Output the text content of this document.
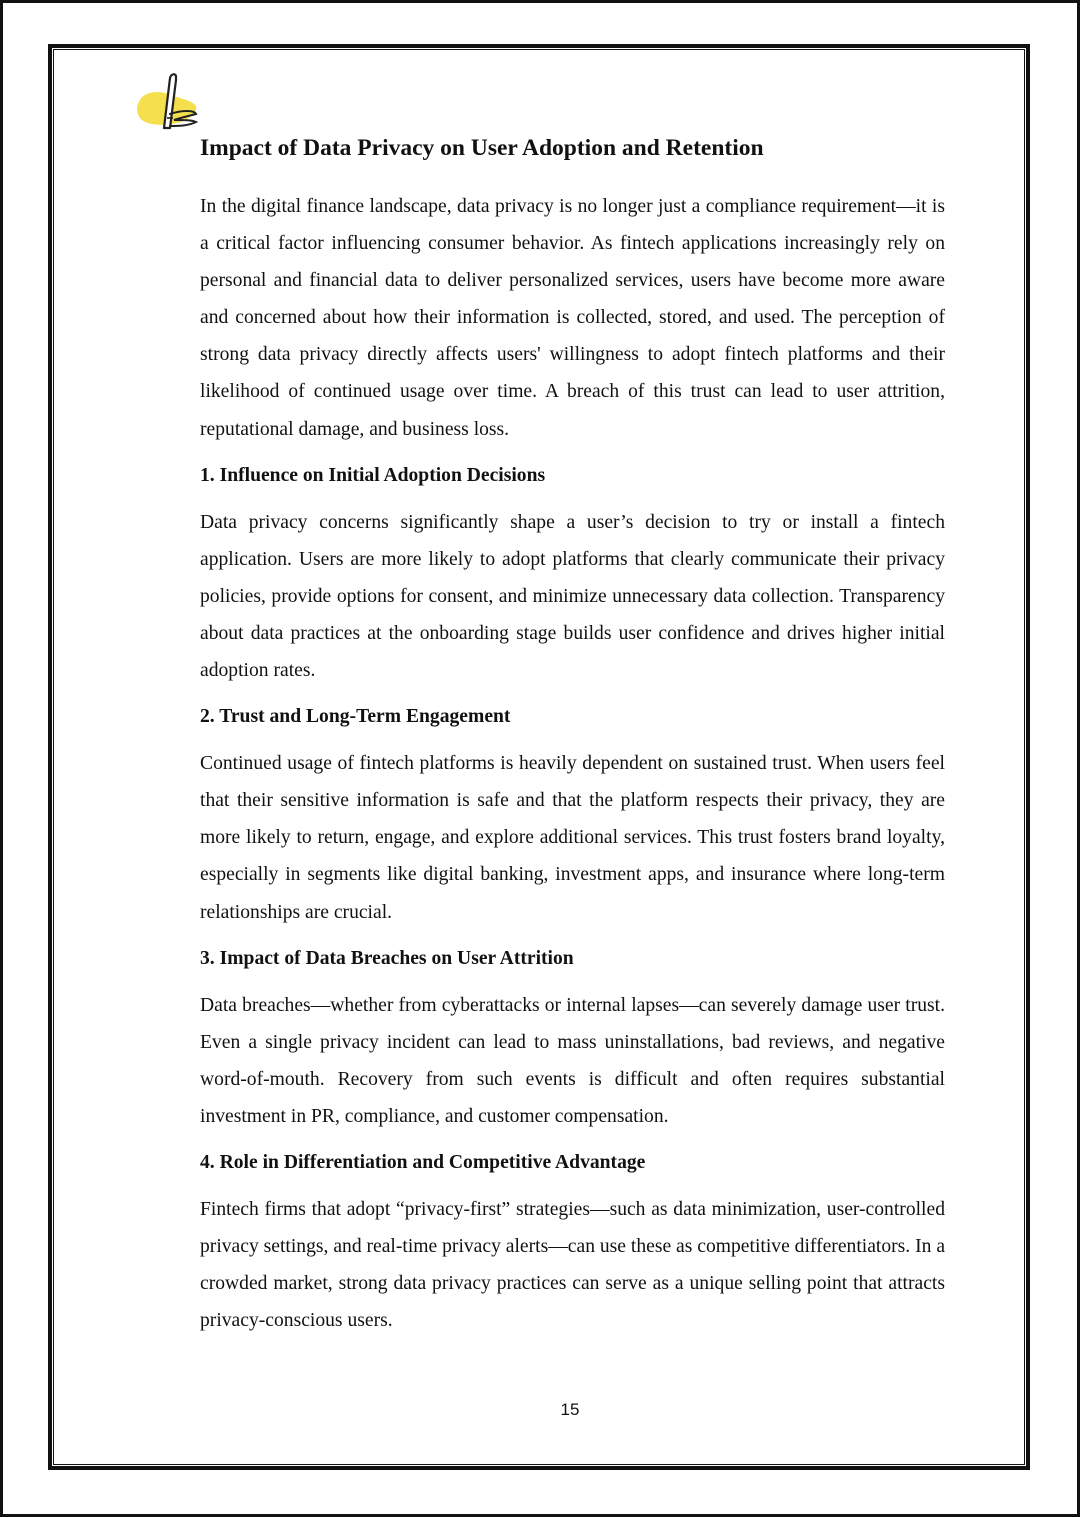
Impact of Data Privacy on User Adoption and Retention

In the digital finance landscape, data privacy is no longer just a compliance requirement—it is a critical factor influencing consumer behavior. As fintech applications increasingly rely on personal and financial data to deliver personalized services, users have become more aware and concerned about how their information is collected, stored, and used. The perception of strong data privacy directly affects users' willingness to adopt fintech platforms and their likelihood of continued usage over time. A breach of this trust can lead to user attrition, reputational damage, and business loss.

1. Influence on Initial Adoption Decisions

Data privacy concerns significantly shape a user’s decision to try or install a fintech application. Users are more likely to adopt platforms that clearly communicate their privacy policies, provide options for consent, and minimize unnecessary data collection. Transparency about data practices at the onboarding stage builds user confidence and drives higher initial adoption rates.

2. Trust and Long-Term Engagement

Continued usage of fintech platforms is heavily dependent on sustained trust. When users feel that their sensitive information is safe and that the platform respects their privacy, they are more likely to return, engage, and explore additional services. This trust fosters brand loyalty, especially in segments like digital banking, investment apps, and insurance where long-term relationships are crucial.

3. Impact of Data Breaches on User Attrition

Data breaches—whether from cyberattacks or internal lapses—can severely damage user trust. Even a single privacy incident can lead to mass uninstallations, bad reviews, and negative word-of-mouth. Recovery from such events is difficult and often requires substantial investment in PR, compliance, and customer compensation.

4. Role in Differentiation and Competitive Advantage

Fintech firms that adopt “privacy-first” strategies—such as data minimization, user-controlled privacy settings, and real-time privacy alerts—can use these as competitive differentiators. In a crowded market, strong data privacy practices can serve as a unique selling point that attracts privacy-conscious users.

15
